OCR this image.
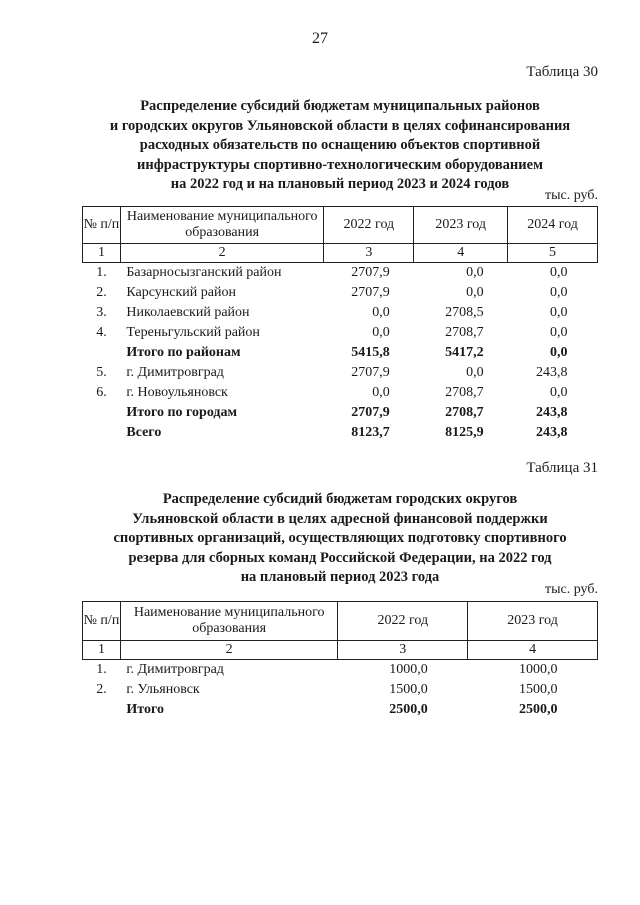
27
Таблица 30
Распределение субсидий бюджетам муниципальных районов
и городских округов Ульяновской области в целях софинансирования
расходных обязательств по оснащению объектов спортивной
инфраструктуры спортивно-технологическим оборудованием
на 2022 год и на плановый период 2023 и 2024 годов
тыс. руб.
№ п/п	Наименование муниципального образования	2022 год	2023 год	2024 год
1	2	3	4	5
1.	Базарносызганский район	2707,9	0,0	0,0
2.	Карсунский район	2707,9	0,0	0,0
3.	Николаевский район	0,0	2708,5	0,0
4.	Тереньгульский район	0,0	2708,7	0,0
	Итого по районам	5415,8	5417,2	0,0
5.	г. Димитровград	2707,9	0,0	243,8
6.	г. Новоульяновск	0,0	2708,7	0,0
	Итого по городам	2707,9	2708,7	243,8
	Всего	8123,7	8125,9	243,8
Таблица 31
Распределение субсидий бюджетам городских округов
Ульяновской области в целях адресной финансовой поддержки
спортивных организаций, осуществляющих подготовку спортивного
резерва для сборных команд Российской Федерации, на 2022 год
на плановый период 2023 года
тыс. руб.
№ п/п	Наименование муниципального образования	2022 год	2023 год
1	2	3	4
1.	г. Димитровград	1000,0	1000,0
2.	г. Ульяновск	1500,0	1500,0
	Итого	2500,0	2500,0
